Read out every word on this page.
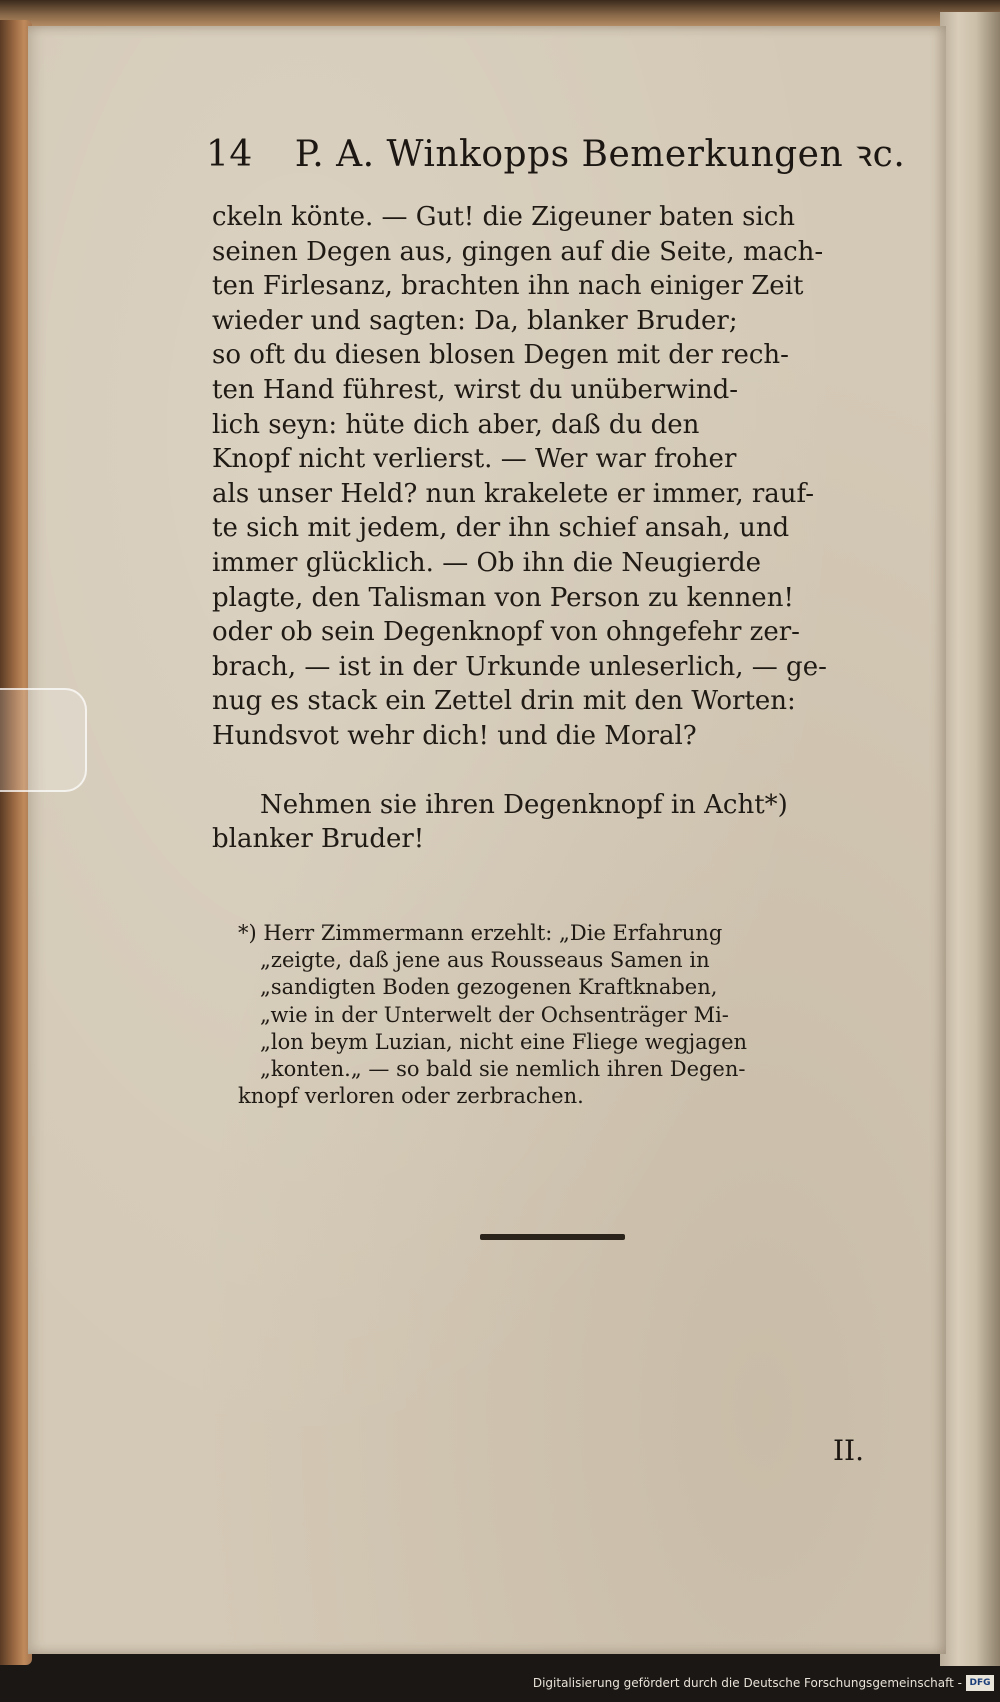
14 P. A. Winkopps Bemerkungen ꝛc.
ckeln könte. — Gut! die Zigeuner baten sich
seinen Degen aus, gingen auf die Seite, mach-
ten Firlesanz, brachten ihn nach einiger Zeit
wieder und sagten: Da, blanker Bruder;
so oft du diesen blosen Degen mit der rech-
ten Hand führest, wirst du unüberwind-
lich seyn: hüte dich aber, daß du den
Knopf nicht verlierst. — Wer war froher
als unser Held? nun krakelete er immer, rauf-
te sich mit jedem, der ihn schief ansah, und
immer glücklich. — Ob ihn die Neugierde
plagte, den Talisman von Person zu kennen!
oder ob sein Degenknopf von ohngefehr zer-
brach, — ist in der Urkunde unleserlich, — ge-
nug es stack ein Zettel drin mit den Worten:
Hundsvot wehr dich! und die Moral?
Nehmen sie ihren Degenknopf in Acht*)
blanker Bruder!
*) Herr Zimmermann erzehlt: „Die Erfahrung
„zeigte, daß jene aus Rousseaus Samen in
„sandigten Boden gezogenen Kraftknaben,
„wie in der Unterwelt der Ochsenträger Mi-
„lon beym Luzian, nicht eine Fliege wegjagen
„konten.„ — so bald sie nemlich ihren Degen-
knopf verloren oder zerbrachen.
II.
Digitalisierung gefördert durch die Deutsche Forschungsgemeinschaft - DFG
